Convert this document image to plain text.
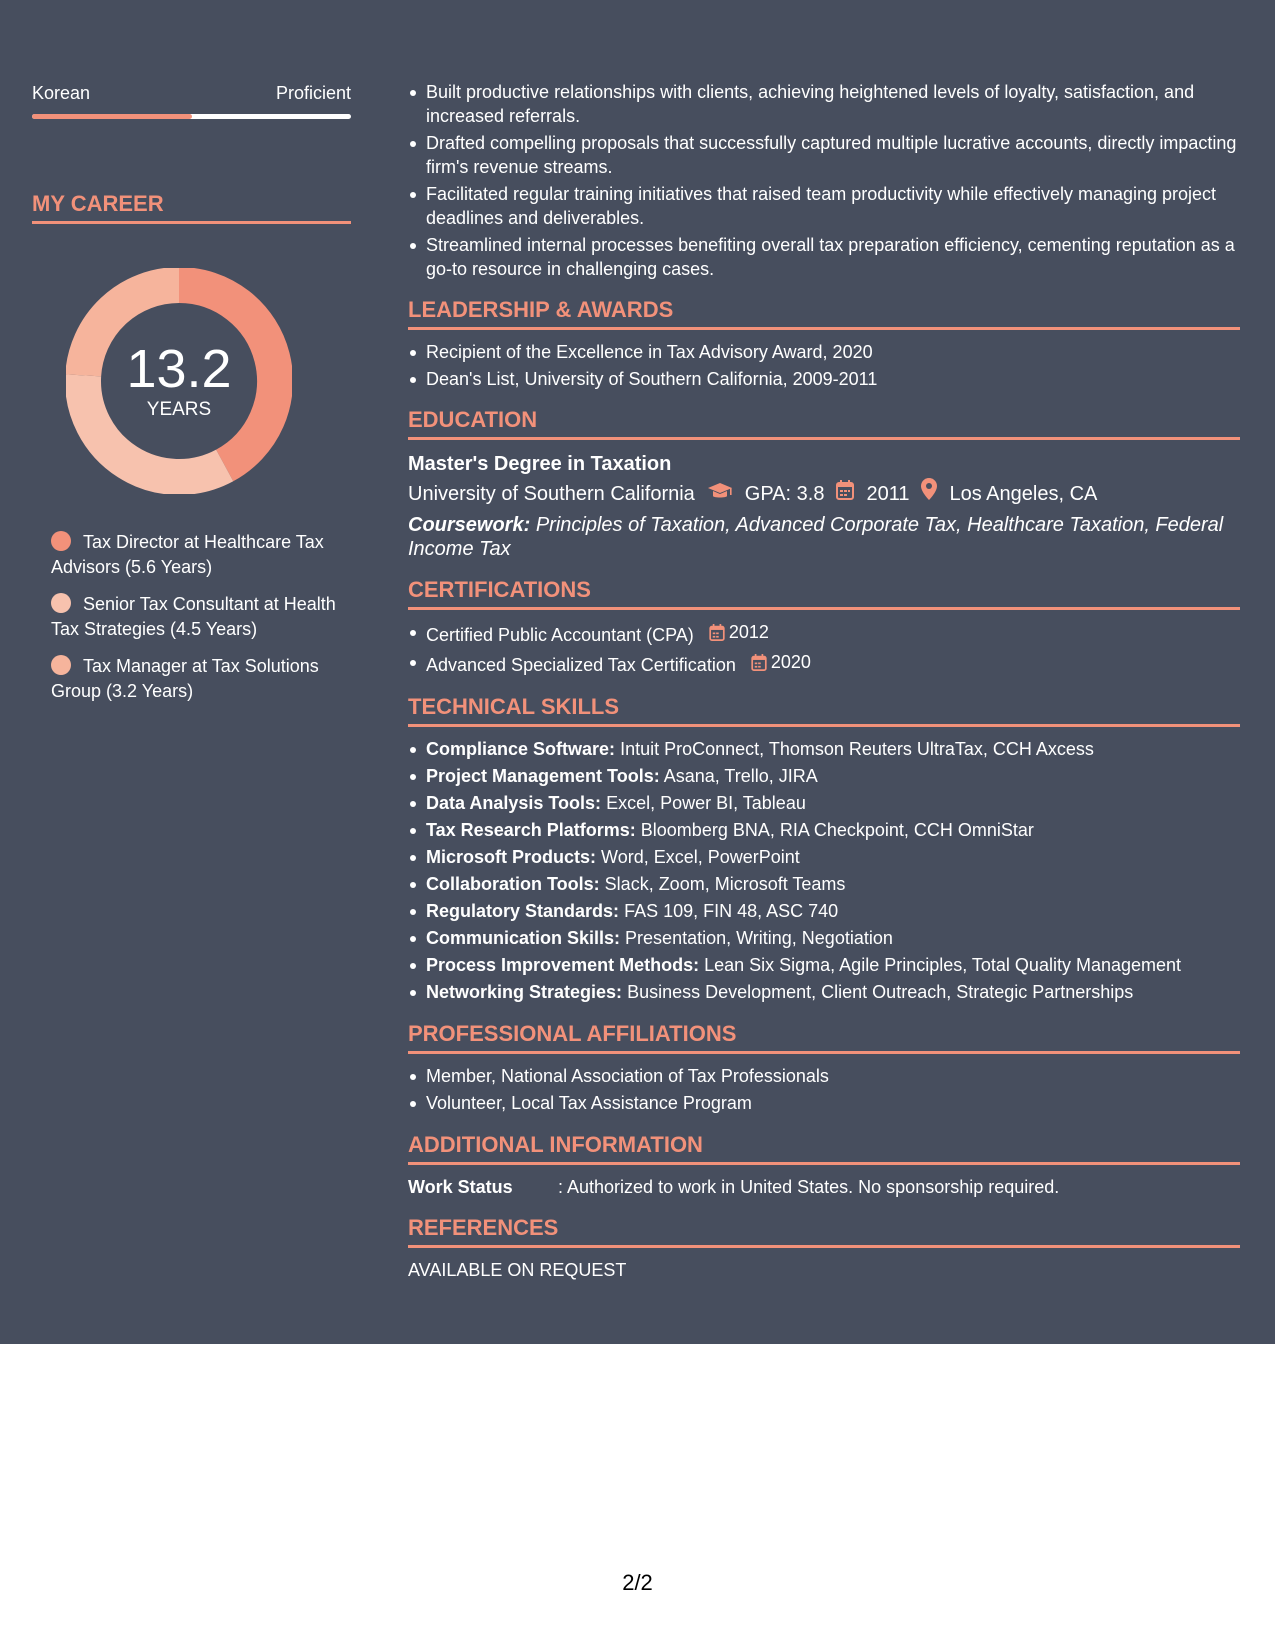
Korean	Proficient
MY CAREER
13.2
YEARS
Tax Director at Healthcare Tax Advisors (5.6 Years)
Senior Tax Consultant at Health Tax Strategies (4.5 Years)
Tax Manager at Tax Solutions Group (3.2 Years)
Built productive relationships with clients, achieving heightened levels of loyalty, satisfaction, and increased referrals.
Drafted compelling proposals that successfully captured multiple lucrative accounts, directly impacting firm's revenue streams.
Facilitated regular training initiatives that raised team productivity while effectively managing project deadlines and deliverables.
Streamlined internal processes benefiting overall tax preparation efficiency, cementing reputation as a go-to resource in challenging cases.
LEADERSHIP & AWARDS
Recipient of the Excellence in Tax Advisory Award, 2020
Dean's List, University of Southern California, 2009-2011
EDUCATION
Master's Degree in Taxation
University of Southern California	GPA: 3.8 2011 Los Angeles, CA
Coursework: Principles of Taxation, Advanced Corporate Tax, Healthcare Taxation, Federal Income Tax
CERTIFICATIONS
Certified Public Accountant (CPA) 2012
Advanced Specialized Tax Certification 2020
TECHNICAL SKILLS
Compliance Software: Intuit ProConnect, Thomson Reuters UltraTax, CCH Axcess
Project Management Tools: Asana, Trello, JIRA
Data Analysis Tools: Excel, Power BI, Tableau
Tax Research Platforms: Bloomberg BNA, RIA Checkpoint, CCH OmniStar
Microsoft Products: Word, Excel, PowerPoint
Collaboration Tools: Slack, Zoom, Microsoft Teams
Regulatory Standards: FAS 109, FIN 48, ASC 740
Communication Skills: Presentation, Writing, Negotiation
Process Improvement Methods: Lean Six Sigma, Agile Principles, Total Quality Management
Networking Strategies: Business Development, Client Outreach, Strategic Partnerships
PROFESSIONAL AFFILIATIONS
Member, National Association of Tax Professionals
Volunteer, Local Tax Assistance Program
ADDITIONAL INFORMATION
Work Status	: Authorized to work in United States. No sponsorship required.
REFERENCES
AVAILABLE ON REQUEST
2/2
